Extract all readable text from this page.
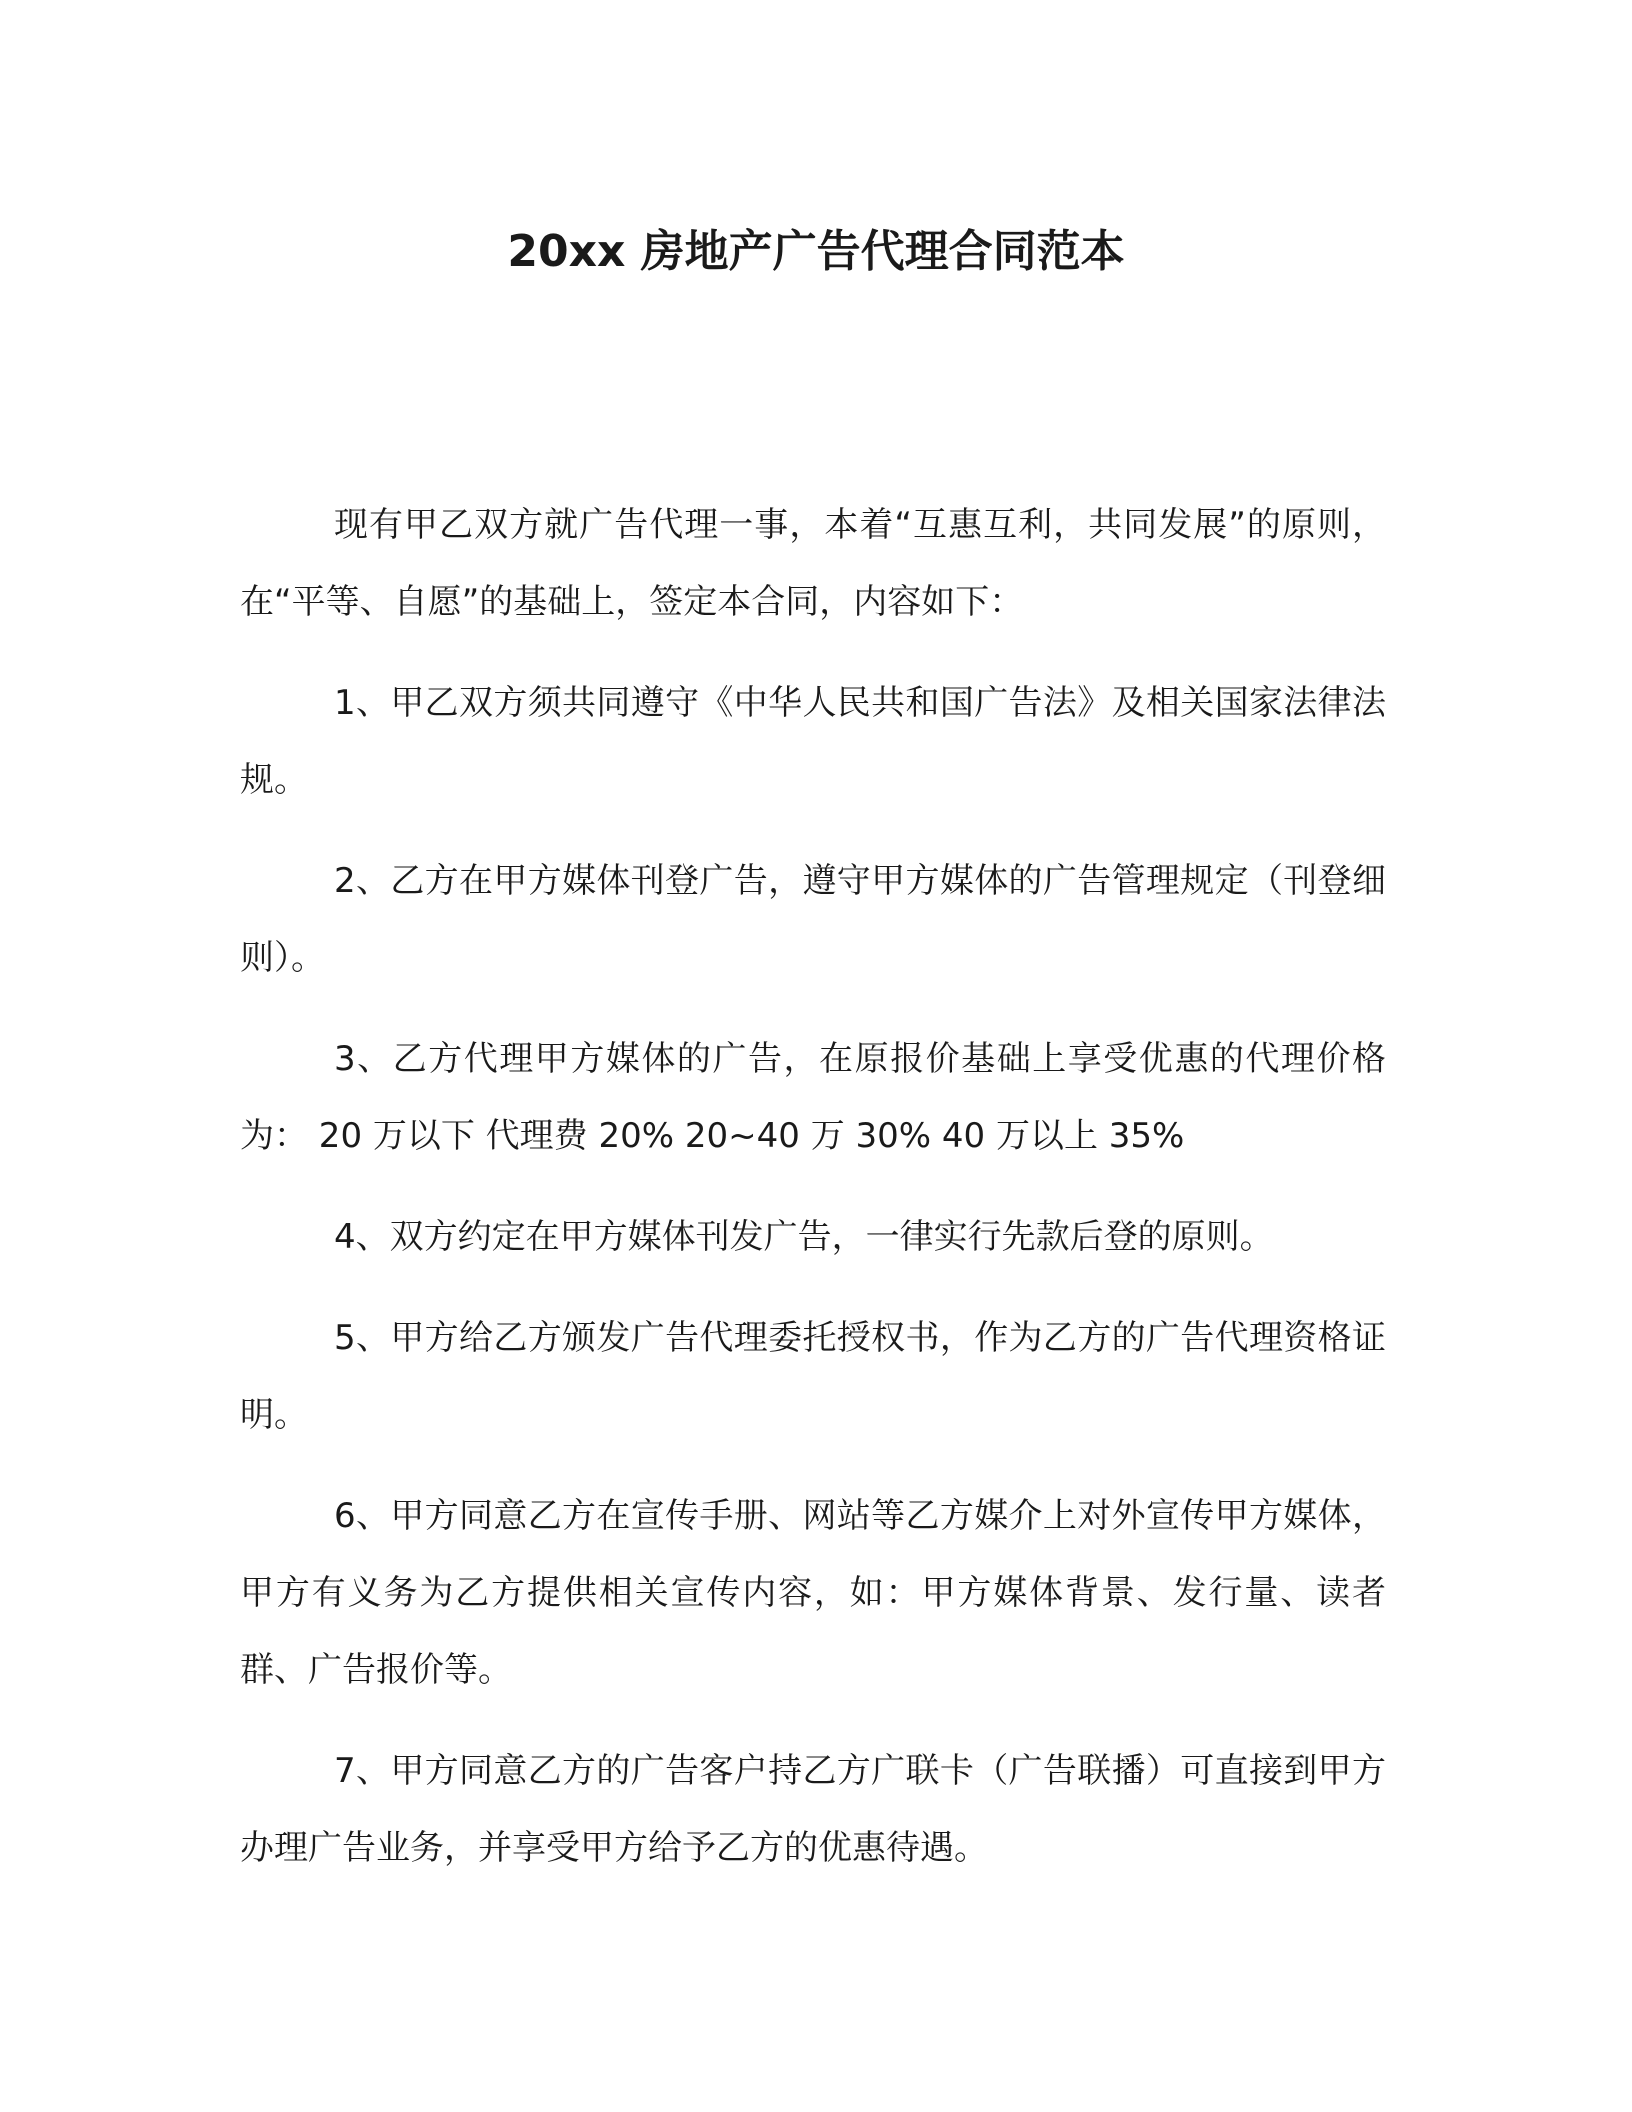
20xx 房地产广告代理合同范本

现有甲乙双方就广告代理一事，本着“互惠互利，共同发展”的原则，在“平等、自愿”的基础上，签定本合同，内容如下：

1、甲乙双方须共同遵守《中华人民共和国广告法》及相关国家法律法规。

2、乙方在甲方媒体刊登广告，遵守甲方媒体的广告管理规定（刊登细则）。

3、乙方代理甲方媒体的广告，在原报价基础上享受优惠的代理价格为： 20 万以下 代理费 20% 20~40 万 30% 40 万以上 35%

4、双方约定在甲方媒体刊发广告，一律实行先款后登的原则。

5、甲方给乙方颁发广告代理委托授权书，作为乙方的广告代理资格证明。

6、甲方同意乙方在宣传手册、网站等乙方媒介上对外宣传甲方媒体，甲方有义务为乙方提供相关宣传内容，如：甲方媒体背景、发行量、读者群、广告报价等。

7、甲方同意乙方的广告客户持乙方广联卡（广告联播）可直接到甲方办理广告业务，并享受甲方给予乙方的优惠待遇。
